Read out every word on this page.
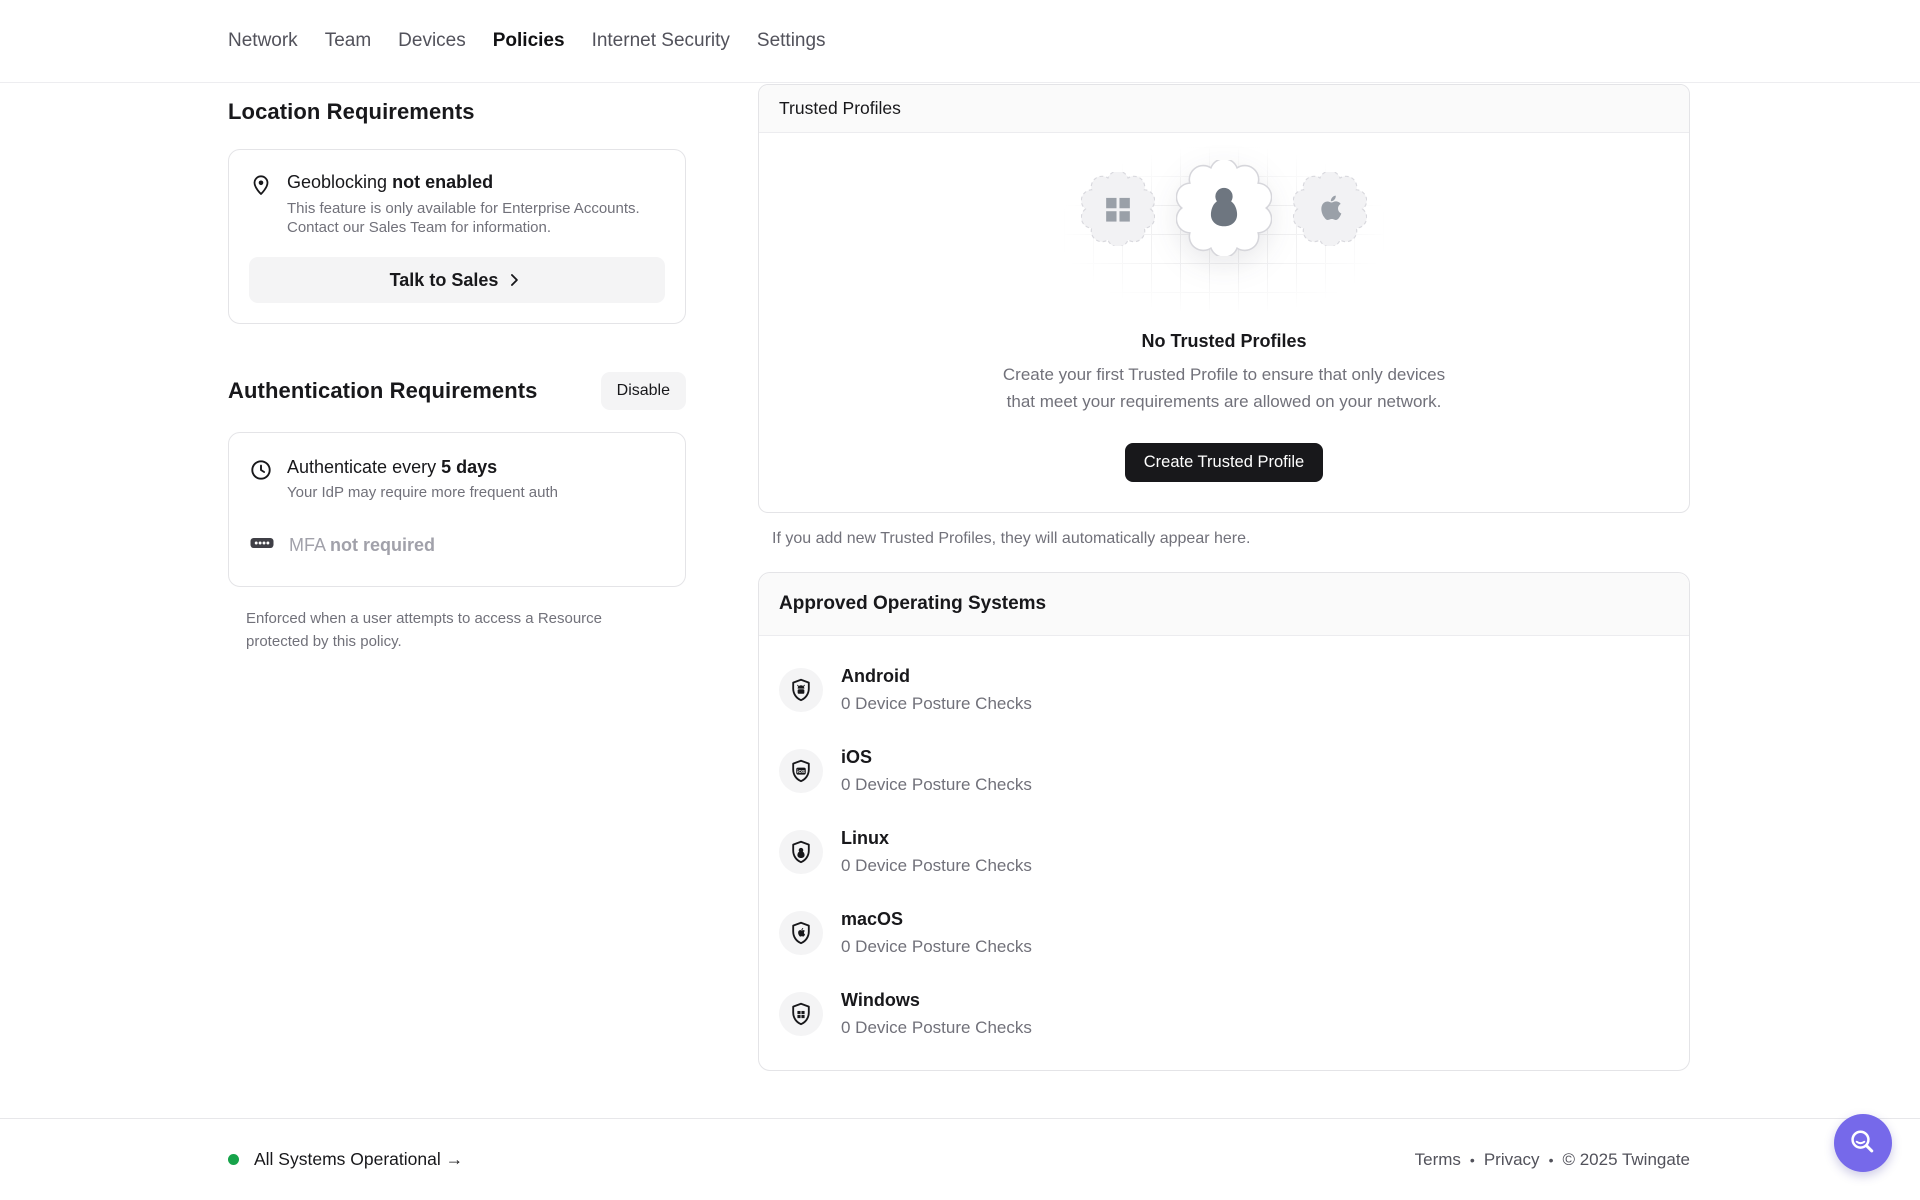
Network Team Devices Policies Internet Security Settings
Location Requirements
Geoblocking not enabled

This feature is only available for Enterprise Accounts. Contact our Sales Team for information.

Talk to Sales
Authentication Requirements	Disable
Authenticate every 5 days

Your IdP may require more frequent auth

MFA not required

Enforced when a user attempts to access a Resource protected by this policy.

Trusted Profiles
No Trusted Profiles

Create your first Trusted Profile to ensure that only devices that meet your requirements are allowed on your network.

Create Trusted Profile

If you add new Trusted Profiles, they will automatically appear here.

Approved Operating Systems
Android
0 Device Posture Checks
iOS
iOS
0 Device Posture Checks
Linux
0 Device Posture Checks
macOS
0 Device Posture Checks
Windows
0 Device Posture Checks
All Systems Operational →	Terms • Privacy • © 2025 Twingate
